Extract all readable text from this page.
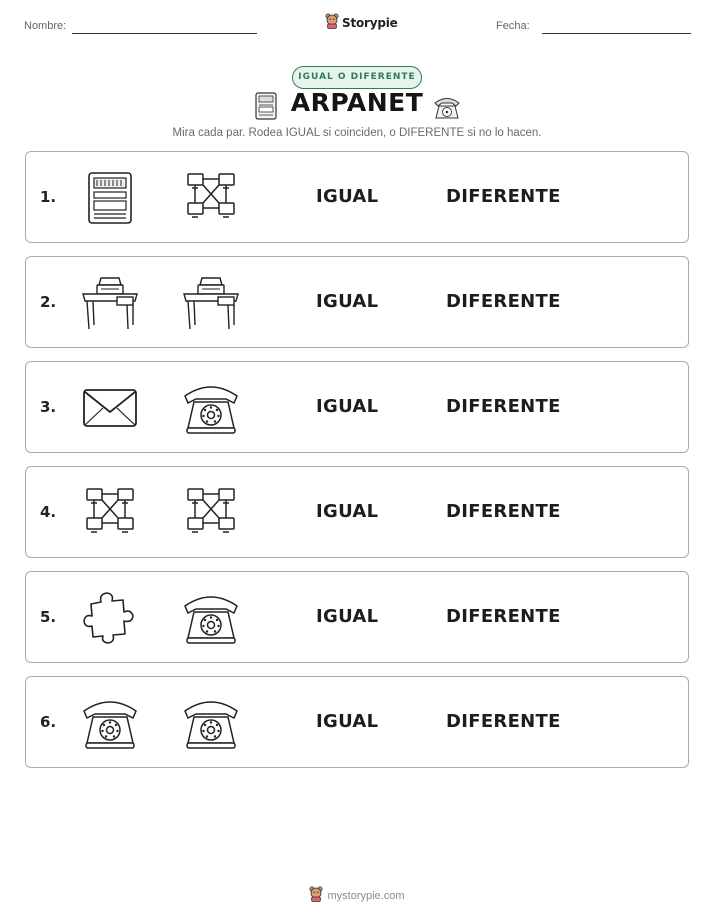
Nombre:	Storypie	Fecha:
IGUAL O DIFERENTE
ARPANET
Mira cada par. Rodea IGUAL si coinciden, o DIFERENTE si no lo hacen.
1.	IGUAL	DIFERENTE
2.	IGUAL	DIFERENTE
3.	IGUAL	DIFERENTE
4.	IGUAL	DIFERENTE
5.	IGUAL	DIFERENTE
6.	IGUAL	DIFERENTE
mystorypie.com
